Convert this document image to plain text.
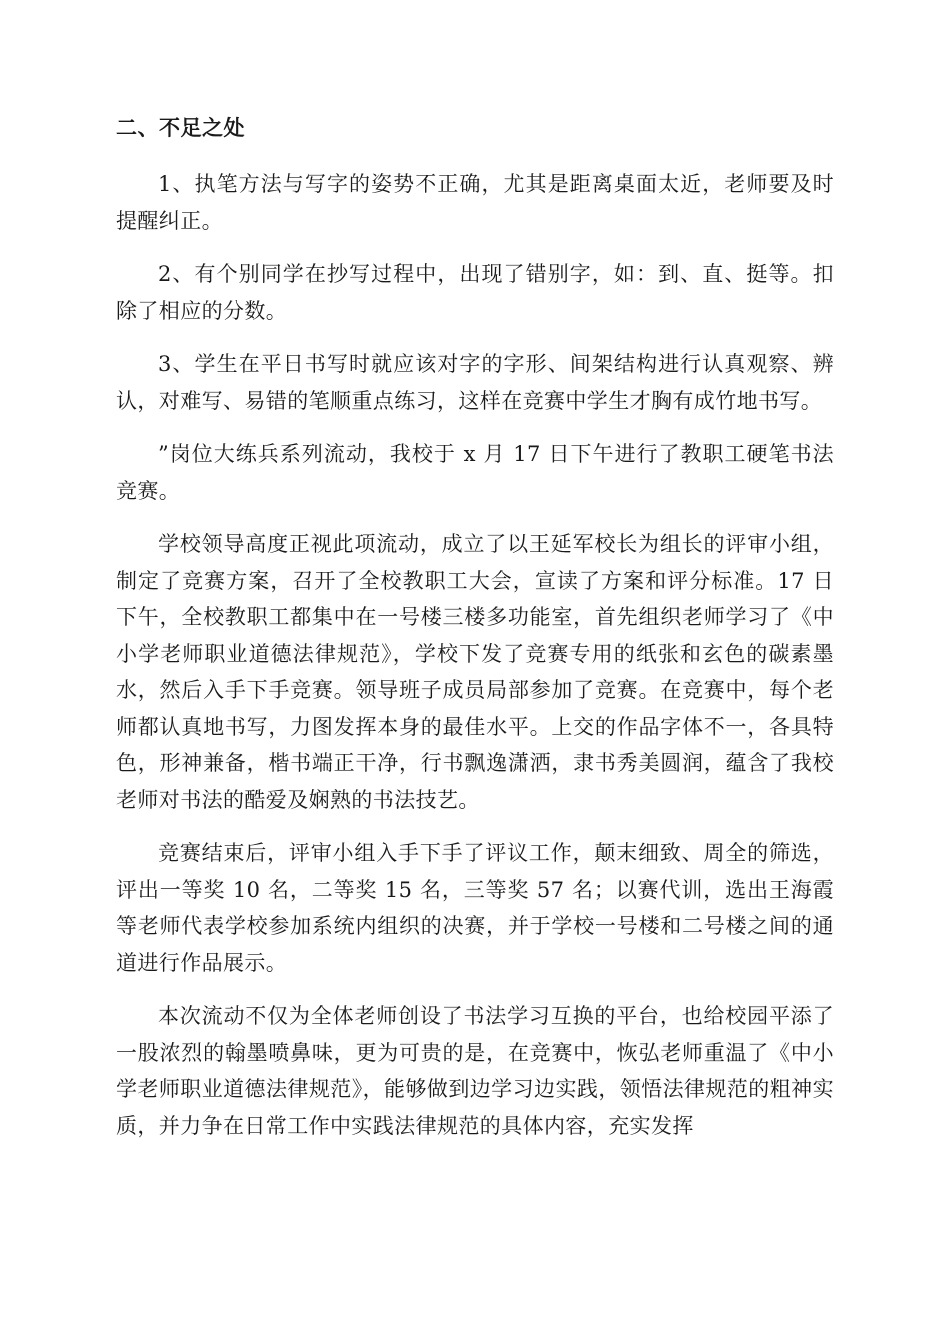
二、不足之处

1、执笔方法与写字的姿势不正确，尤其是距离桌面太近，老师要及时提醒纠正。

2、有个别同学在抄写过程中，出现了错别字，如：到、直、挺等。扣除了相应的分数。

3、学生在平日书写时就应该对字的字形、间架结构进行认真观察、辨认，对难写、易错的笔顺重点练习，这样在竞赛中学生才胸有成竹地书写。

”岗位大练兵系列流动，我校于 x 月 17 日下午进行了教职工硬笔书法竞赛。

学校领导高度正视此项流动，成立了以王延军校长为组长的评审小组，制定了竞赛方案，召开了全校教职工大会，宣读了方案和评分标准。17 日下午，全校教职工都集中在一号楼三楼多功能室，首先组织老师学习了《中小学老师职业道德法律规范》，学校下发了竞赛专用的纸张和玄色的碳素墨水，然后入手下手竞赛。领导班子成员局部参加了竞赛。在竞赛中，每个老师都认真地书写，力图发挥本身的最佳水平。上交的作品字体不一，各具特色，形神兼备，楷书端正干净，行书飘逸潇洒，隶书秀美圆润，蕴含了我校老师对书法的酷爱及娴熟的书法技艺。

竞赛结束后，评审小组入手下手了评议工作，颠末细致、周全的筛选，评出一等奖 10 名，二等奖 15 名，三等奖 57 名；以赛代训，选出王海霞等老师代表学校参加系统内组织的决赛，并于学校一号楼和二号楼之间的通道进行作品展示。

本次流动不仅为全体老师创设了书法学习互换的平台，也给校园平添了一股浓烈的翰墨喷鼻味，更为可贵的是，在竞赛中，恢弘老师重温了《中小学老师职业道德法律规范》，能够做到边学习边实践，领悟法律规范的粗神实质，并力争在日常工作中实践法律规范的具体内容，充实发挥
